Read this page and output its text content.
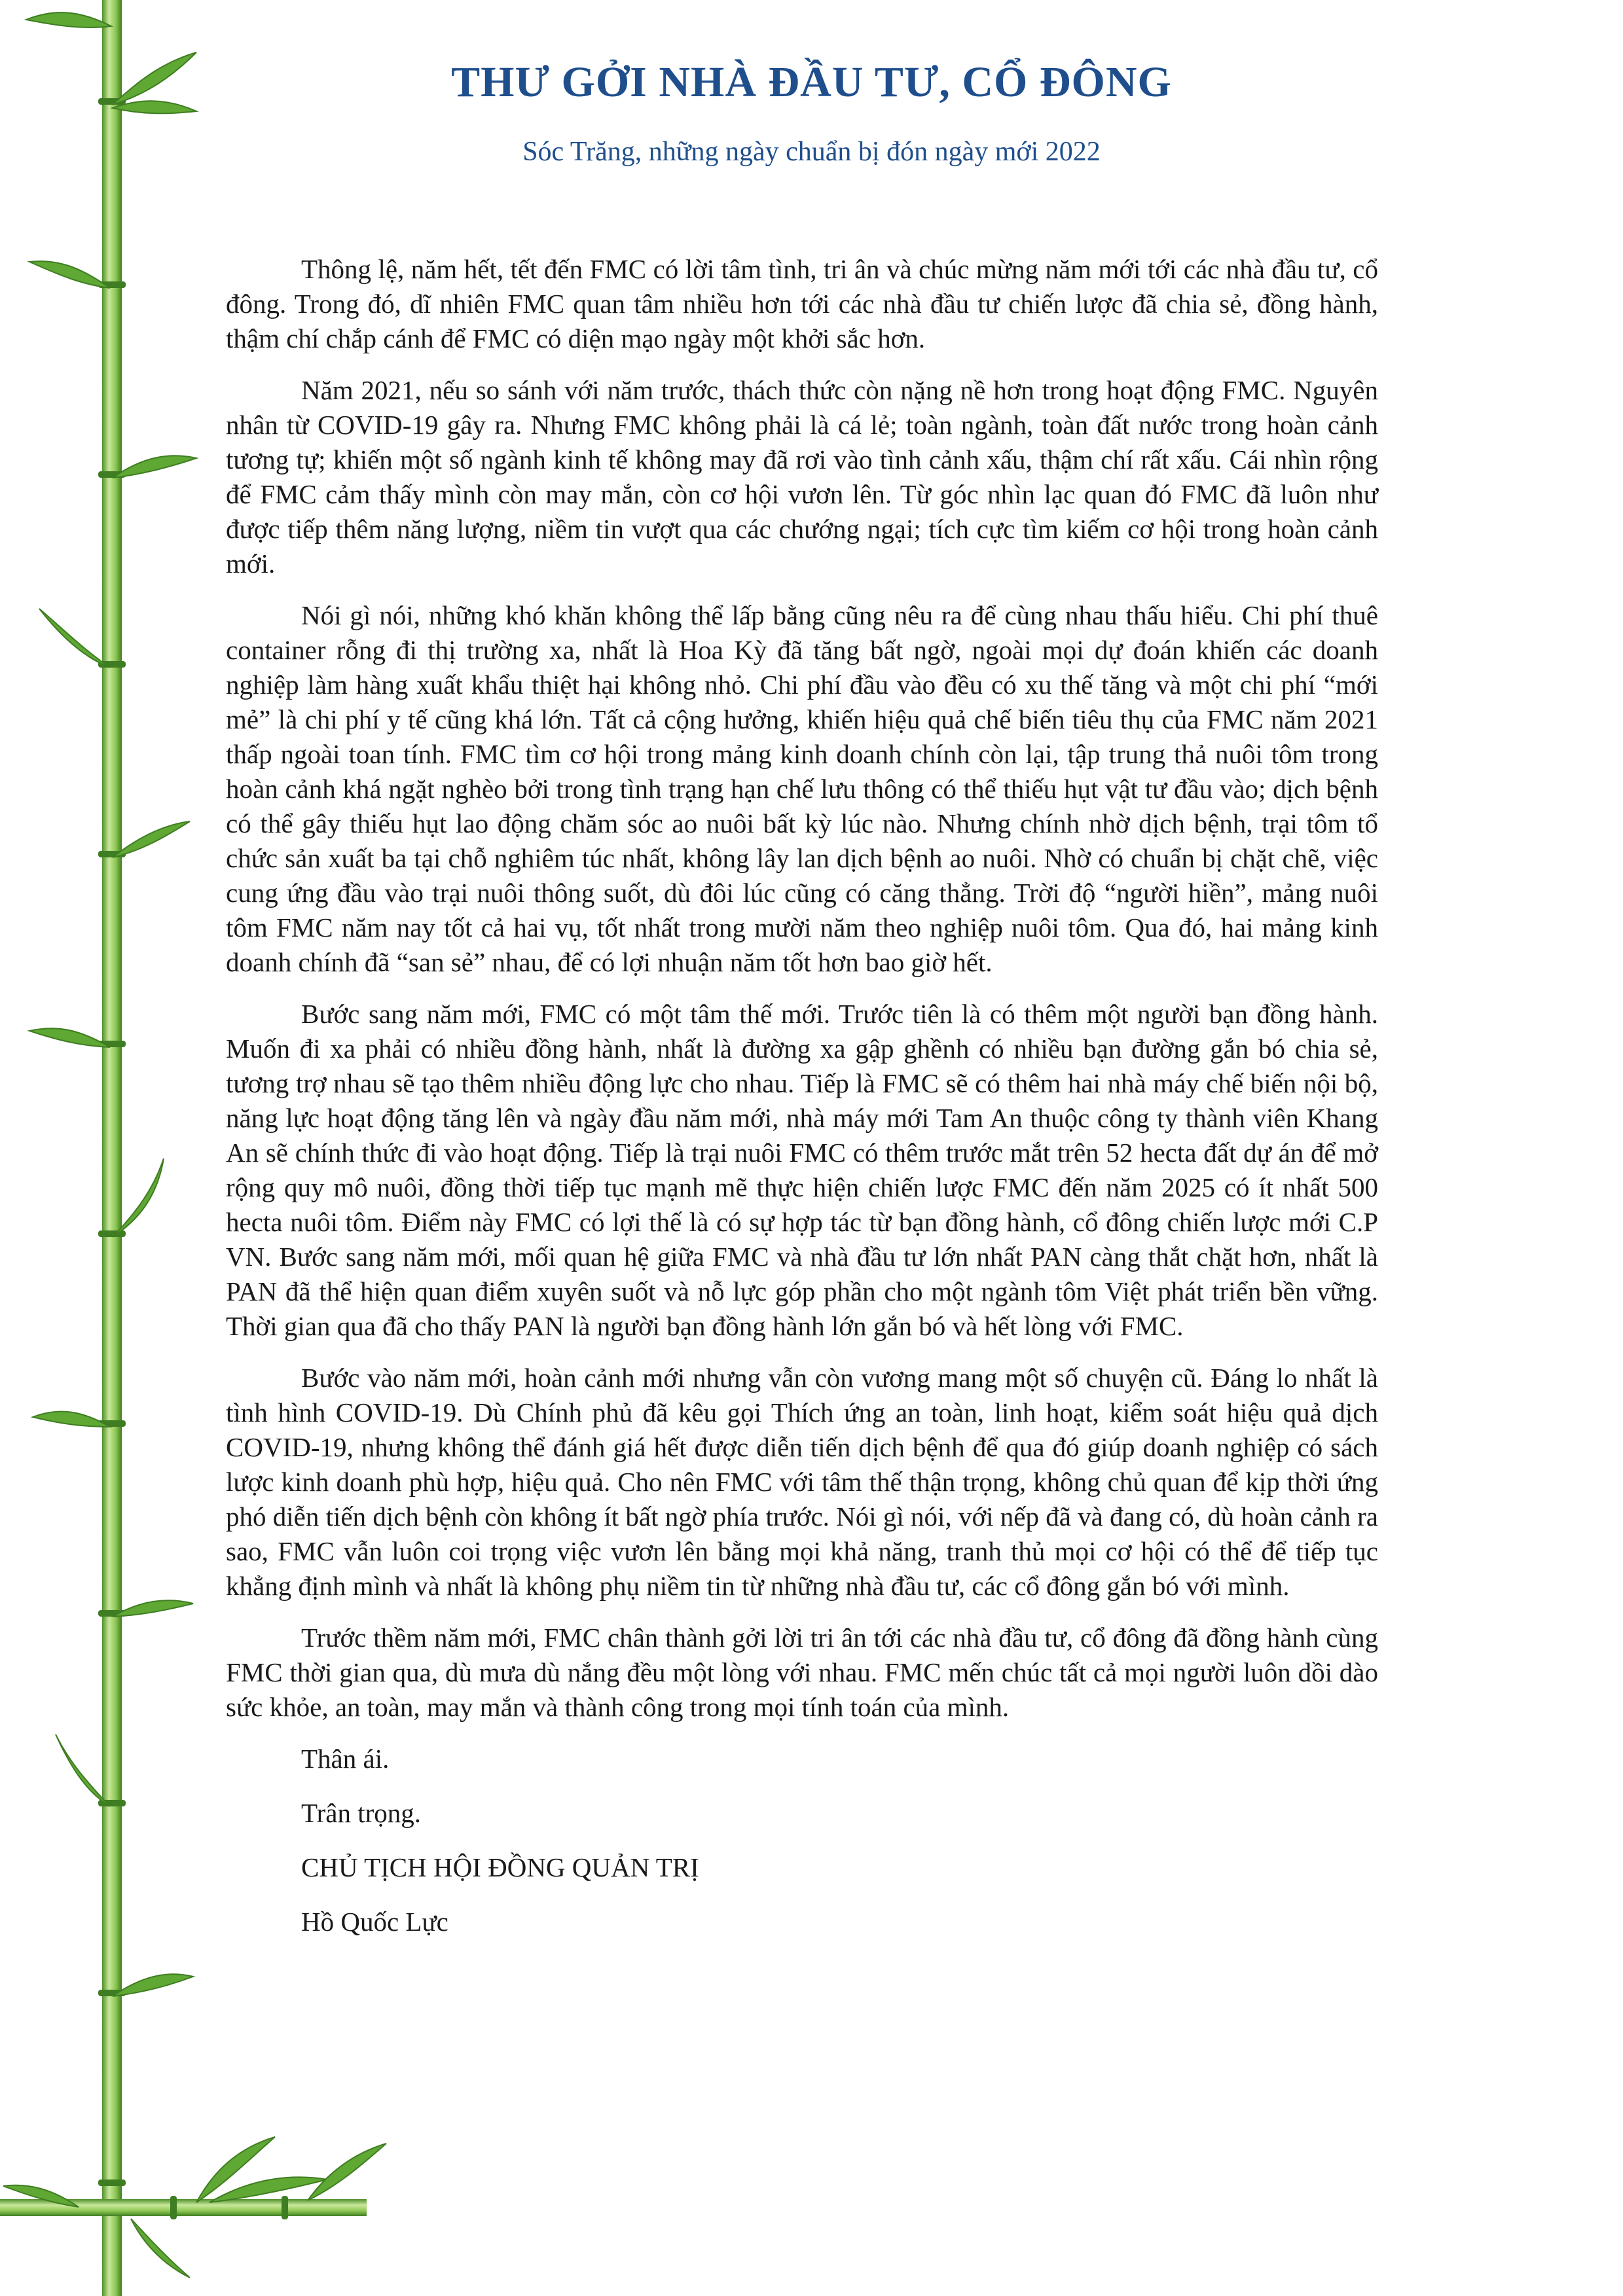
THƯ GỞI NHÀ ĐẦU TƯ, CỔ ĐÔNG
Sóc Trăng, những ngày chuẩn bị đón ngày mới 2022

Thông lệ, năm hết, tết đến FMC có lời tâm tình, tri ân và chúc mừng năm mới tới các nhà đầu tư, cổ đông. Trong đó, dĩ nhiên FMC quan tâm nhiều hơn tới các nhà đầu tư chiến lược đã chia sẻ, đồng hành, thậm chí chắp cánh để FMC có diện mạo ngày một khởi sắc hơn.

Năm 2021, nếu so sánh với năm trước, thách thức còn nặng nề hơn trong hoạt động FMC. Nguyên nhân từ COVID-19 gây ra. Nhưng FMC không phải là cá lẻ; toàn ngành, toàn đất nước trong hoàn cảnh tương tự; khiến một số ngành kinh tế không may đã rơi vào tình cảnh xấu, thậm chí rất xấu. Cái nhìn rộng để FMC cảm thấy mình còn may mắn, còn cơ hội vươn lên. Từ góc nhìn lạc quan đó FMC đã luôn như được tiếp thêm năng lượng, niềm tin vượt qua các chướng ngại; tích cực tìm kiếm cơ hội trong hoàn cảnh mới.

Nói gì nói, những khó khăn không thể lấp bằng cũng nêu ra để cùng nhau thấu hiểu. Chi phí thuê container rỗng đi thị trường xa, nhất là Hoa Kỳ đã tăng bất ngờ, ngoài mọi dự đoán khiến các doanh nghiệp làm hàng xuất khẩu thiệt hại không nhỏ. Chi phí đầu vào đều có xu thế tăng và một chi phí “mới mẻ” là chi phí y tế cũng khá lớn. Tất cả cộng hưởng, khiến hiệu quả chế biến tiêu thụ của FMC năm 2021 thấp ngoài toan tính. FMC tìm cơ hội trong mảng kinh doanh chính còn lại, tập trung thả nuôi tôm trong hoàn cảnh khá ngặt nghèo bởi trong tình trạng hạn chế lưu thông có thể thiếu hụt vật tư đầu vào; dịch bệnh có thể gây thiếu hụt lao động chăm sóc ao nuôi bất kỳ lúc nào. Nhưng chính nhờ dịch bệnh, trại tôm tổ chức sản xuất ba tại chỗ nghiêm túc nhất, không lây lan dịch bệnh ao nuôi. Nhờ có chuẩn bị chặt chẽ, việc cung ứng đầu vào trại nuôi thông suốt, dù đôi lúc cũng có căng thẳng. Trời độ “người hiền”, mảng nuôi tôm FMC năm nay tốt cả hai vụ, tốt nhất trong mười năm theo nghiệp nuôi tôm. Qua đó, hai mảng kinh doanh chính đã “san sẻ” nhau, để có lợi nhuận năm tốt hơn bao giờ hết.

Bước sang năm mới, FMC có một tâm thế mới. Trước tiên là có thêm một người bạn đồng hành. Muốn đi xa phải có nhiều đồng hành, nhất là đường xa gập ghềnh có nhiều bạn đường gắn bó chia sẻ, tương trợ nhau sẽ tạo thêm nhiều động lực cho nhau. Tiếp là FMC sẽ có thêm hai nhà máy chế biến nội bộ, năng lực hoạt động tăng lên và ngày đầu năm mới, nhà máy mới Tam An thuộc công ty thành viên Khang An sẽ chính thức đi vào hoạt động. Tiếp là trại nuôi FMC có thêm trước mắt trên 52 hecta đất dự án để mở rộng quy mô nuôi, đồng thời tiếp tục mạnh mẽ thực hiện chiến lược FMC đến năm 2025 có ít nhất 500 hecta nuôi tôm. Điểm này FMC có lợi thế là có sự hợp tác từ bạn đồng hành, cổ đông chiến lược mới C.P VN. Bước sang năm mới, mối quan hệ giữa FMC và nhà đầu tư lớn nhất PAN càng thắt chặt hơn, nhất là PAN đã thể hiện quan điểm xuyên suốt và nỗ lực góp phần cho một ngành tôm Việt phát triển bền vững. Thời gian qua đã cho thấy PAN là người bạn đồng hành lớn gắn bó và hết lòng với FMC.

Bước vào năm mới, hoàn cảnh mới nhưng vẫn còn vương mang một số chuyện cũ. Đáng lo nhất là tình hình COVID-19. Dù Chính phủ đã kêu gọi Thích ứng an toàn, linh hoạt, kiểm soát hiệu quả dịch COVID-19, nhưng không thể đánh giá hết được diễn tiến dịch bệnh để qua đó giúp doanh nghiệp có sách lược kinh doanh phù hợp, hiệu quả. Cho nên FMC với tâm thế thận trọng, không chủ quan để kịp thời ứng phó diễn tiến dịch bệnh còn không ít bất ngờ phía trước. Nói gì nói, với nếp đã và đang có, dù hoàn cảnh ra sao, FMC vẫn luôn coi trọng việc vươn lên bằng mọi khả năng, tranh thủ mọi cơ hội có thể để tiếp tục khẳng định mình và nhất là không phụ niềm tin từ những nhà đầu tư, các cổ đông gắn bó với mình.

Trước thềm năm mới, FMC chân thành gởi lời tri ân tới các nhà đầu tư, cổ đông đã đồng hành cùng FMC thời gian qua, dù mưa dù nắng đều một lòng với nhau. FMC mến chúc tất cả mọi người luôn dồi dào sức khỏe, an toàn, may mắn và thành công trong mọi tính toán của mình.

Thân ái.
Trân trọng.
CHỦ TỊCH HỘI ĐỒNG QUẢN TRỊ
Hồ Quốc Lực
